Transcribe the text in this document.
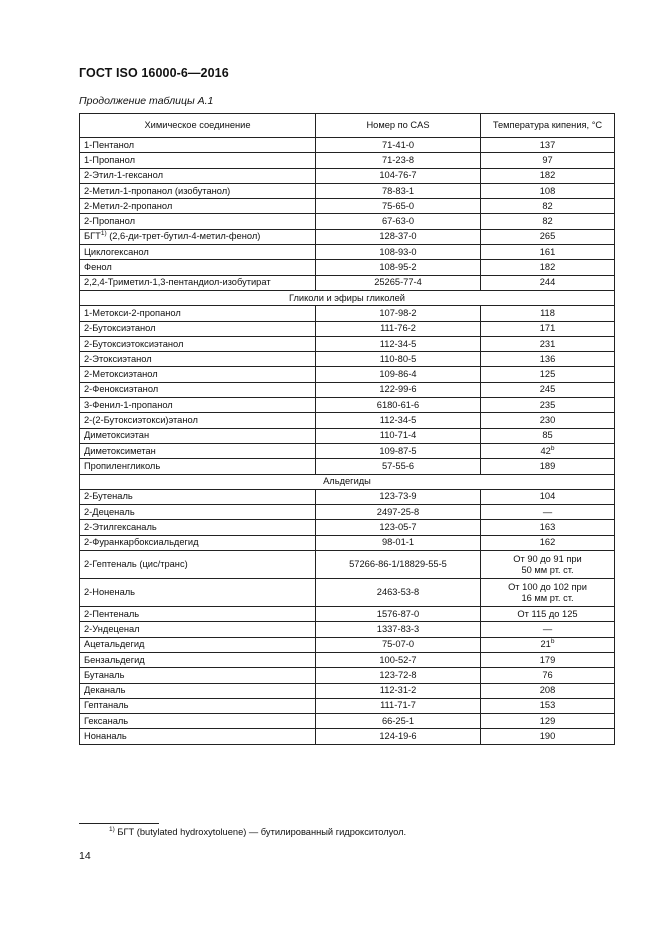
ГОСТ ISO 16000-6—2016
Продолжение таблицы А.1
Химическое соединение	Номер по CAS	Температура кипения, °С
1-Пентанол	71-41-0	137
1-Пропанол	71-23-8	97
2-Этил-1-гексанол	104-76-7	182
2-Метил-1-пропанол (изобутанол)	78-83-1	108
2-Метил-2-пропанол	75-65-0	82
2-Пропанол	67-63-0	82
БГТ$^{1)}$ (2,6-ди-трет-бутил-4-метил-фенол)	128-37-0	265
Циклогексанол	108-93-0	161
Фенол	108-95-2	182
2,2,4-Триметил-1,3-пентандиол-изобутират	25265-77-4	244
Гликоли и эфиры гликолей		
1-Метокси-2-пропанол	107-98-2	118
2-Бутоксиэтанол	111-76-2	171
2-Бутоксиэтоксиэтанол	112-34-5	231
2-Этоксиэтанол	110-80-5	136
2-Метоксиэтанол	109-86-4	125
2-Феноксиэтанол	122-99-6	245
3-Фенил-1-пропанол	6180-61-6	235
2-(2-Бутоксиэтокси)этанол	112-34-5	230
Диметоксиэтан	110-71-4	85
Диметоксиметан	109-87-5	42$^b$
Пропиленгликоль	57-55-6	189
Альдегиды		
2-Бутеналь	123-73-9	104
2-Деценаль	2497-25-8	—
2-Этилгексаналь	123-05-7	163
2-Фуранкарбоксиальдегид	98-01-1	162
2-Гептеналь (цис/транс)	57266-86-1/18829-55-5	От 90 до 91 при
50 мм рт. ст.
2-Ноненаль	2463-53-8	От 100 до 102 при
16 мм рт. ст.
2-Пентеналь	1576-87-0	От 115 до 125
2-Ундеценал	1337-83-3	—
Ацетальдегид	75-07-0	21$^b$
Бензальдегид	100-52-7	179
Бутаналь	123-72-8	76
Деканаль	112-31-2	208
Гептаналь	111-71-7	153
Гексаналь	66-25-1	129
Нонаналь	124-19-6	190
$^{1)}$ БГТ (butylated hydroxytoluene) — бутилированный гидрокситолуол.
14
